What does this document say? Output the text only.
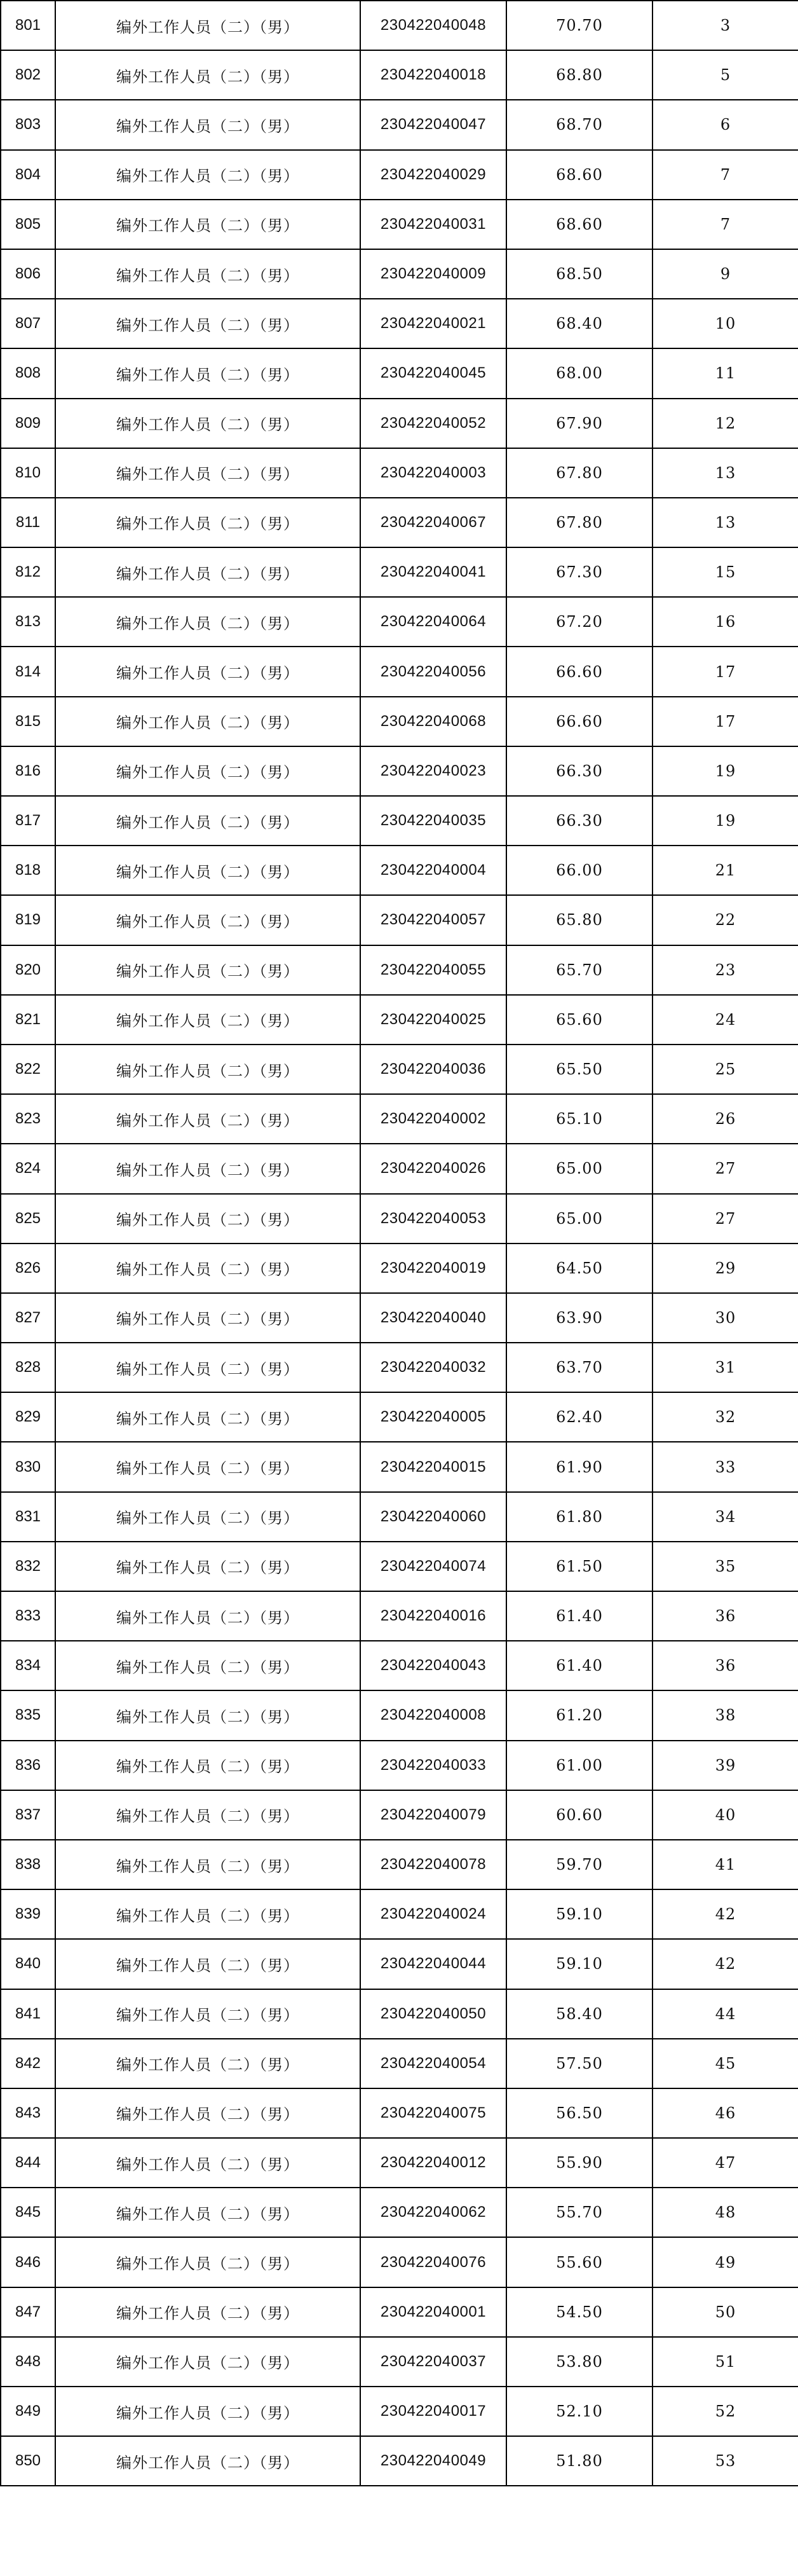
801	编外工作人员（二）（男）	230422040048	70.70	3
802	编外工作人员（二）（男）	230422040018	68.80	5
803	编外工作人员（二）（男）	230422040047	68.70	6
804	编外工作人员（二）（男）	230422040029	68.60	7
805	编外工作人员（二）（男）	230422040031	68.60	7
806	编外工作人员（二）（男）	230422040009	68.50	9
807	编外工作人员（二）（男）	230422040021	68.40	10
808	编外工作人员（二）（男）	230422040045	68.00	11
809	编外工作人员（二）（男）	230422040052	67.90	12
810	编外工作人员（二）（男）	230422040003	67.80	13
811	编外工作人员（二）（男）	230422040067	67.80	13
812	编外工作人员（二）（男）	230422040041	67.30	15
813	编外工作人员（二）（男）	230422040064	67.20	16
814	编外工作人员（二）（男）	230422040056	66.60	17
815	编外工作人员（二）（男）	230422040068	66.60	17
816	编外工作人员（二）（男）	230422040023	66.30	19
817	编外工作人员（二）（男）	230422040035	66.30	19
818	编外工作人员（二）（男）	230422040004	66.00	21
819	编外工作人员（二）（男）	230422040057	65.80	22
820	编外工作人员（二）（男）	230422040055	65.70	23
821	编外工作人员（二）（男）	230422040025	65.60	24
822	编外工作人员（二）（男）	230422040036	65.50	25
823	编外工作人员（二）（男）	230422040002	65.10	26
824	编外工作人员（二）（男）	230422040026	65.00	27
825	编外工作人员（二）（男）	230422040053	65.00	27
826	编外工作人员（二）（男）	230422040019	64.50	29
827	编外工作人员（二）（男）	230422040040	63.90	30
828	编外工作人员（二）（男）	230422040032	63.70	31
829	编外工作人员（二）（男）	230422040005	62.40	32
830	编外工作人员（二）（男）	230422040015	61.90	33
831	编外工作人员（二）（男）	230422040060	61.80	34
832	编外工作人员（二）（男）	230422040074	61.50	35
833	编外工作人员（二）（男）	230422040016	61.40	36
834	编外工作人员（二）（男）	230422040043	61.40	36
835	编外工作人员（二）（男）	230422040008	61.20	38
836	编外工作人员（二）（男）	230422040033	61.00	39
837	编外工作人员（二）（男）	230422040079	60.60	40
838	编外工作人员（二）（男）	230422040078	59.70	41
839	编外工作人员（二）（男）	230422040024	59.10	42
840	编外工作人员（二）（男）	230422040044	59.10	42
841	编外工作人员（二）（男）	230422040050	58.40	44
842	编外工作人员（二）（男）	230422040054	57.50	45
843	编外工作人员（二）（男）	230422040075	56.50	46
844	编外工作人员（二）（男）	230422040012	55.90	47
845	编外工作人员（二）（男）	230422040062	55.70	48
846	编外工作人员（二）（男）	230422040076	55.60	49
847	编外工作人员（二）（男）	230422040001	54.50	50
848	编外工作人员（二）（男）	230422040037	53.80	51
849	编外工作人员（二）（男）	230422040017	52.10	52
850	编外工作人员（二）（男）	230422040049	51.80	53
